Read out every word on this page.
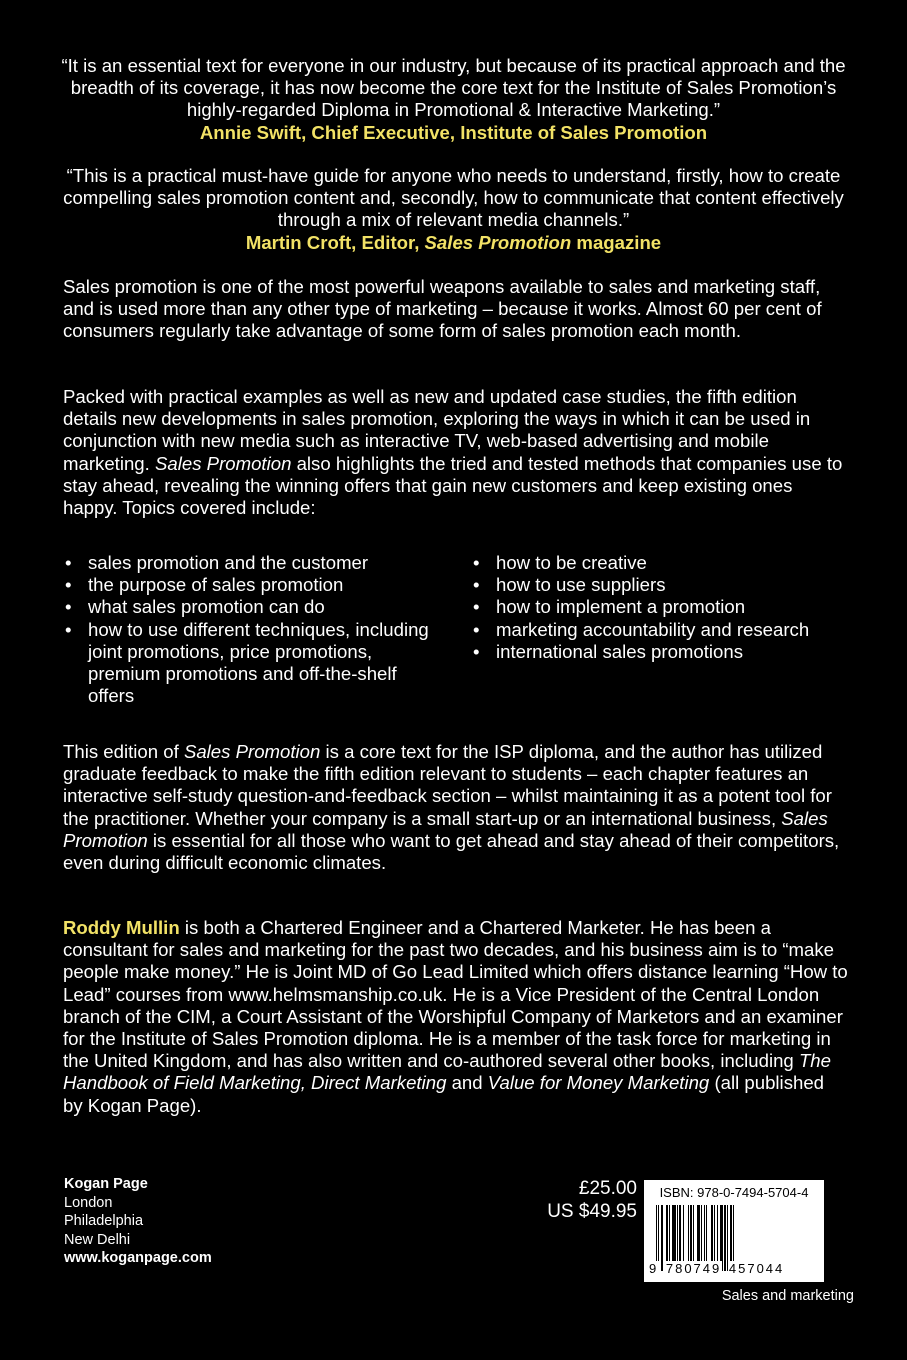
“It is an essential text for everyone in our industry, but because of its practical approach and the breadth of its coverage, it has now become the core text for the Institute of Sales Promotion’s highly-regarded Diploma in Promotional & Interactive Marketing.”
Annie Swift, Chief Executive, Institute of Sales Promotion
“This is a practical must-have guide for anyone who needs to understand, firstly, how to create compelling sales promotion content and, secondly, how to communicate that content effectively through a mix of relevant media channels.”
Martin Croft, Editor, Sales Promotion magazine
Sales promotion is one of the most powerful weapons available to sales and marketing staff, and is used more than any other type of marketing – because it works. Almost 60 per cent of consumers regularly take advantage of some form of sales promotion each month.
Packed with practical examples as well as new and updated case studies, the fifth edition details new developments in sales promotion, exploring the ways in which it can be used in conjunction with new media such as interactive TV, web-based advertising and mobile marketing. Sales Promotion also highlights the tried and tested methods that companies use to stay ahead, revealing the winning offers that gain new customers and keep existing ones happy. Topics covered include:
• sales promotion and the customer
• the purpose of sales promotion
• what sales promotion can do
• how to use different techniques, including joint promotions, price promotions, premium promotions and off-the-shelf offers
• how to be creative
• how to use suppliers
• how to implement a promotion
• marketing accountability and research
• international sales promotions
This edition of Sales Promotion is a core text for the ISP diploma, and the author has utilized graduate feedback to make the fifth edition relevant to students – each chapter features an interactive self-study question-and-feedback section – whilst maintaining it as a potent tool for the practitioner. Whether your company is a small start-up or an international business, Sales Promotion is essential for all those who want to get ahead and stay ahead of their competitors, even during difficult economic climates.
Roddy Mullin is both a Chartered Engineer and a Chartered Marketer. He has been a consultant for sales and marketing for the past two decades, and his business aim is to “make people make money.” He is Joint MD of Go Lead Limited which offers distance learning “How to Lead” courses from www.helmsmanship.co.uk. He is a Vice President of the Central London branch of the CIM, a Court Assistant of the Worshipful Company of Marketors and an examiner for the Institute of Sales Promotion diploma. He is a member of the task force for marketing in the United Kingdom, and has also written and co-authored several other books, including The Handbook of Field Marketing, Direct Marketing and Value for Money Marketing (all published by Kogan Page).
Kogan Page
London
Philadelphia
New Delhi
www.koganpage.com
£25.00
US $49.95
ISBN: 978-0-7494-5704-4
9 780749 457044
Sales and marketing
